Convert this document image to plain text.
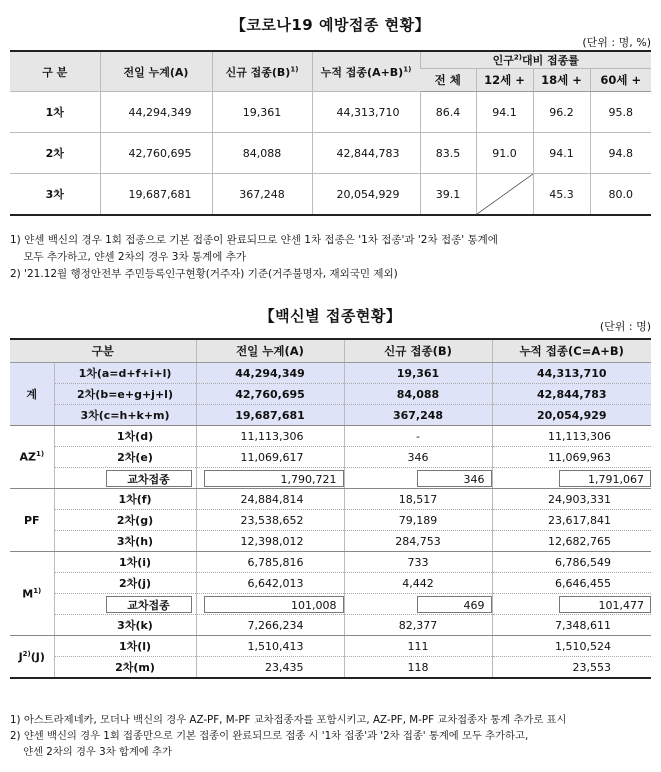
【코로나19 예방접종 현황】
(단위 : 명, %)
구 분	전일 누계(A)	신규 접종$(B)^{1)}$	누적 접종$(A+B)^{1)}$	인구$^{2)}$대비 접종률			
				전 체	12세 +	18세 +	60세 +
1차	44,294,349	19,361	44,313,710	86.4	94.1	96.2	95.8
2차	42,760,695	84,088	42,844,783	83.5	91.0	94.1	94.8
3차	19,687,681	367,248	20,054,929	39.1		45.3	80.0
1) 얀센 백신의 경우 1회 접종으로 기본 접종이 완료되므로 얀센 1차 접종은 '1차 접종'과 '2차 접종' 통계에
모두 추가하고, 얀센 2차의 경우 3차 통계에 추가
2) '21.12월 행정안전부 주민등록인구현황(거주자) 기준(거주불명자, 재외국민 제외)
【백신별 접종현황】
(단위 : 명)
구분		전일 누계(A)	신규 접종(B)	누적 접종(C=A+B)
계	1차(a=d+f+i+l)	44,294,349	19,361	44,313,710
	2차(b=e+g+j+l)	42,760,695	84,088	42,844,783
	3차(c=h+k+m)	19,687,681	367,248	20,054,929
AZ$^{1)}$	1차(d)	11,113,306	-	11,113,306
	2차(e)	11,069,617	346	11,069,963
	교차접종	1,790,721	346	1,791,067
PF	1차(f)	24,884,814	18,517	24,903,331
	2차(g)	23,538,652	79,189	23,617,841
	3차(h)	12,398,012	284,753	12,682,765
$M^{1)}$	1차(i)	6,785,816	733	6,786,549
	2차(j)	6,642,013	4,442	6,646,455
	교차접종	101,008	469	101,477
	3차(k)	7,266,234	82,377	7,348,611
$J^{2)}(J)$	1차(l)	1,510,413	111	1,510,524
	2차(m)	23,435	118	23,553
1) 아스트라제네카, 모더나 백신의 경우 AZ-PF, M-PF 교차접종자를 포함시키고, AZ-PF, M-PF 교차접종자 통계 추가로 표시
2) 얀센 백신의 경우 1회 접종만으로 기본 접종이 완료되므로 접종 시 '1차 접종'과 '2차 접종' 통계에 모두 추가하고,
얀센 2차의 경우 3차 합계에 추가
